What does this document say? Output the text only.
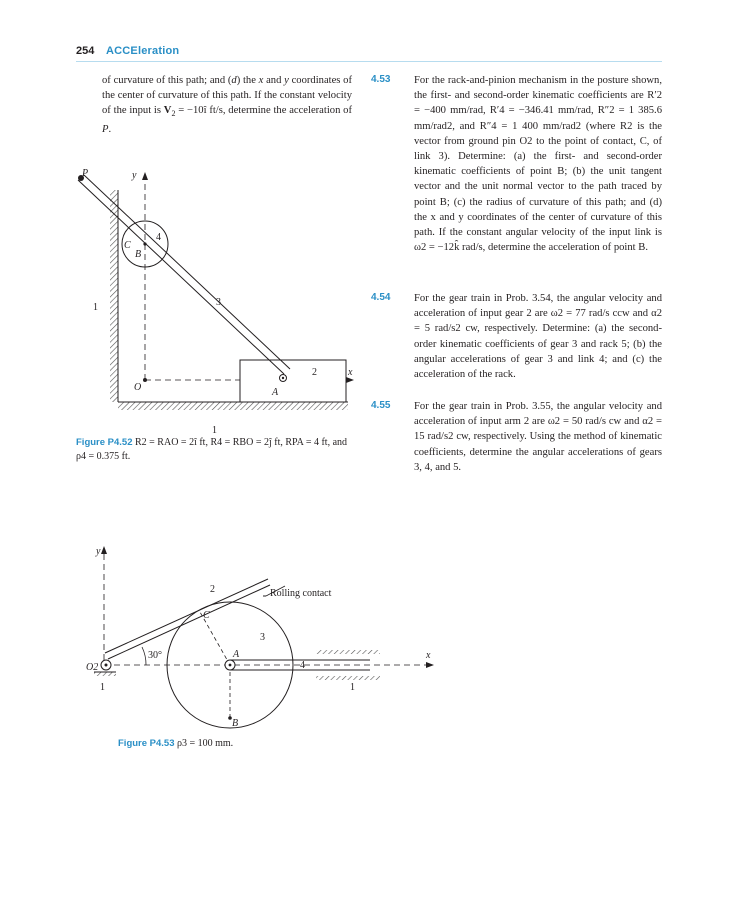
254 ACCEleration
of curvature of this path; and (d) the x and y coordinates of the center of curvature of this path. If the constant velocity of the input is $V_2$ = −10î ft/s, determine the acceleration of P.
4.53 For the rack-and-pinion mechanism in the posture shown, the first- and second-order kinematic coefficients are R′2 = −400 mm/rad, R′4 = −346.41 mm/rad, R″2 = 1 385.6 mm/rad2, and R″4 = 1 400 mm/rad2 (where R2 is the vector from ground pin O2 to the point of contact, C, of link 3). Determine: (a) the first- and second-order kinematic coefficients of point B; (b) the unit tangent vector and the unit normal vector to the path traced by point B; (c) the radius of curvature of this path; and (d) the x and y coordinates of the center of curvature of this path. If the constant angular velocity of the input link is ω2 = −12k̂ rad/s, determine the acceleration of point B.
4.54 For the gear train in Prob. 3.54, the angular velocity and acceleration of input gear 2 are ω2 = 77 rad/s ccw and α2 = 5 rad/s2 cw, respectively. Determine: (a) the second-order kinematic coefficients of gear 3 and rack 5; (b) the angular accelerations of gear 3 and link 4; and (c) the acceleration of the rack.
4.55 For the gear train in Prob. 3.55, the angular velocity and acceleration of input arm 2 are ω2 = 50 rad/s cw and α2 = 15 rad/s2 cw, respectively. Using the method of kinematic coefficients, determine the angular accelerations of gears 3, 4, and 5.
P	y
C
B
4
3
1
2	x
O	A
1
Figure P4.52 R2 = RAO = 2î ft, R4 = RBO = 2ĵ ft, RPA = 4 ft, and ρ4 = 0.375 ft.
y
O2
30°
2	Rolling contact
C
3
A
4
x
B
1	1
Figure P4.53 ρ3 = 100 mm.
